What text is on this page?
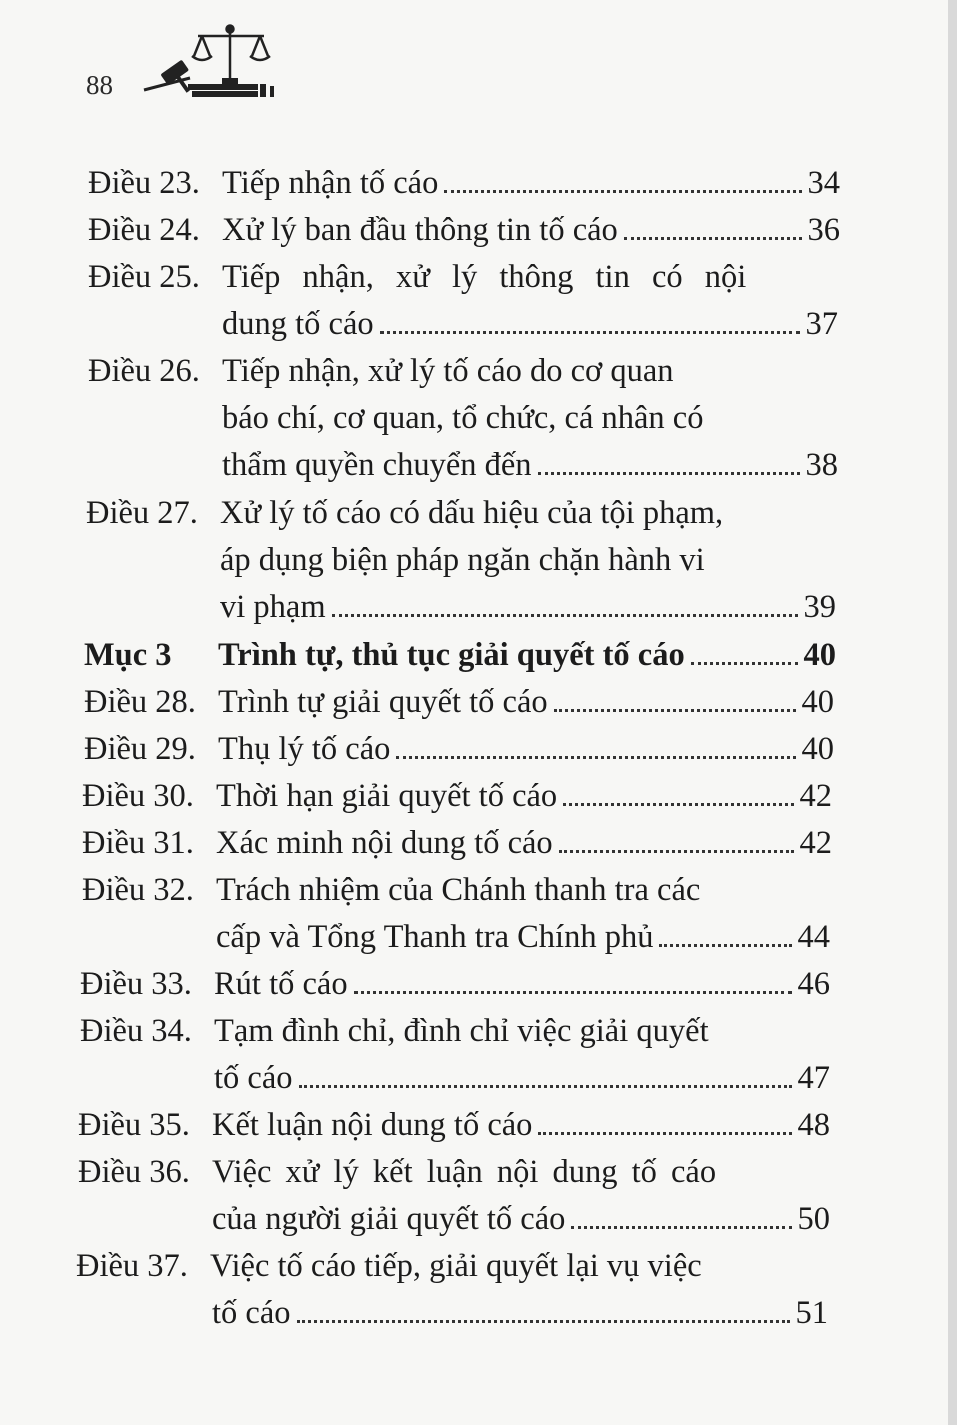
88
Điều 23. Tiếp nhận tố cáo	34
Điều 24. Xử lý ban đầu thông tin tố cáo	36
Điều 25. Tiếp nhận, xử lý thông tin có nội
dung tố cáo	37
Điều 26. Tiếp nhận, xử lý tố cáo do cơ quan
báo chí, cơ quan, tổ chức, cá nhân có
thẩm quyền chuyển đến	38
Điều 27. Xử lý tố cáo có dấu hiệu của tội phạm,
áp dụng biện pháp ngăn chặn hành vi
vi phạm	39
Mục 3	Trình tự, thủ tục giải quyết tố cáo	40
Điều 28. Trình tự giải quyết tố cáo	40
Điều 29. Thụ lý tố cáo	40
Điều 30. Thời hạn giải quyết tố cáo	42
Điều 31. Xác minh nội dung tố cáo	42
Điều 32. Trách nhiệm của Chánh thanh tra các
cấp và Tổng Thanh tra Chính phủ	44
Điều 33. Rút tố cáo	46
Điều 34. Tạm đình chỉ, đình chỉ việc giải quyết
tố cáo	47
Điều 35. Kết luận nội dung tố cáo	48
Điều 36. Việc xử lý kết luận nội dung tố cáo
của người giải quyết tố cáo	50
Điều 37. Việc tố cáo tiếp, giải quyết lại vụ việc
tố cáo	51
